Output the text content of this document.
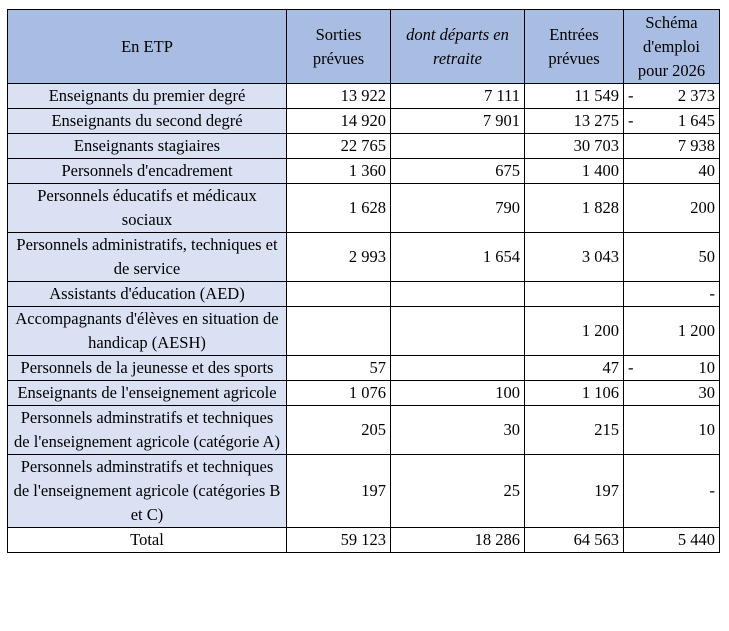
En ETP	Sorties prévues	dont départs en retraite	Entrées prévues	Schéma d'emploi pour 2026
Enseignants du premier degré	13 922	7 111	11 549	- 2 373

Enseignants du second degré	14 920	7 901	13 275	- 1 645

Enseignants stagiaires	22 765		30 703	7 938

Personnels d'encadrement	1 360	675	1 400	40

Personnels éducatifs et médicaux sociaux	1 628	790	1 828	200

Personnels administratifs, techniques et de service	2 993	1 654	3 043	50

Assistants d'éducation (AED)				-

Accompagnants d'élèves en situation de handicap (AESH)			1 200	1 200

Personnels de la jeunesse et des sports	57		47	- 10

Enseignants de l'enseignement agricole	1 076	100	1 106	30

Personnels adminstratifs et techniques de l'enseignement agricole (catégorie A)	205	30	215	10

Personnels adminstratifs et techniques de l'enseignement agricole (catégories B et C)	197	25	197	-

Total	59 123	18 286	64 563	5 440
